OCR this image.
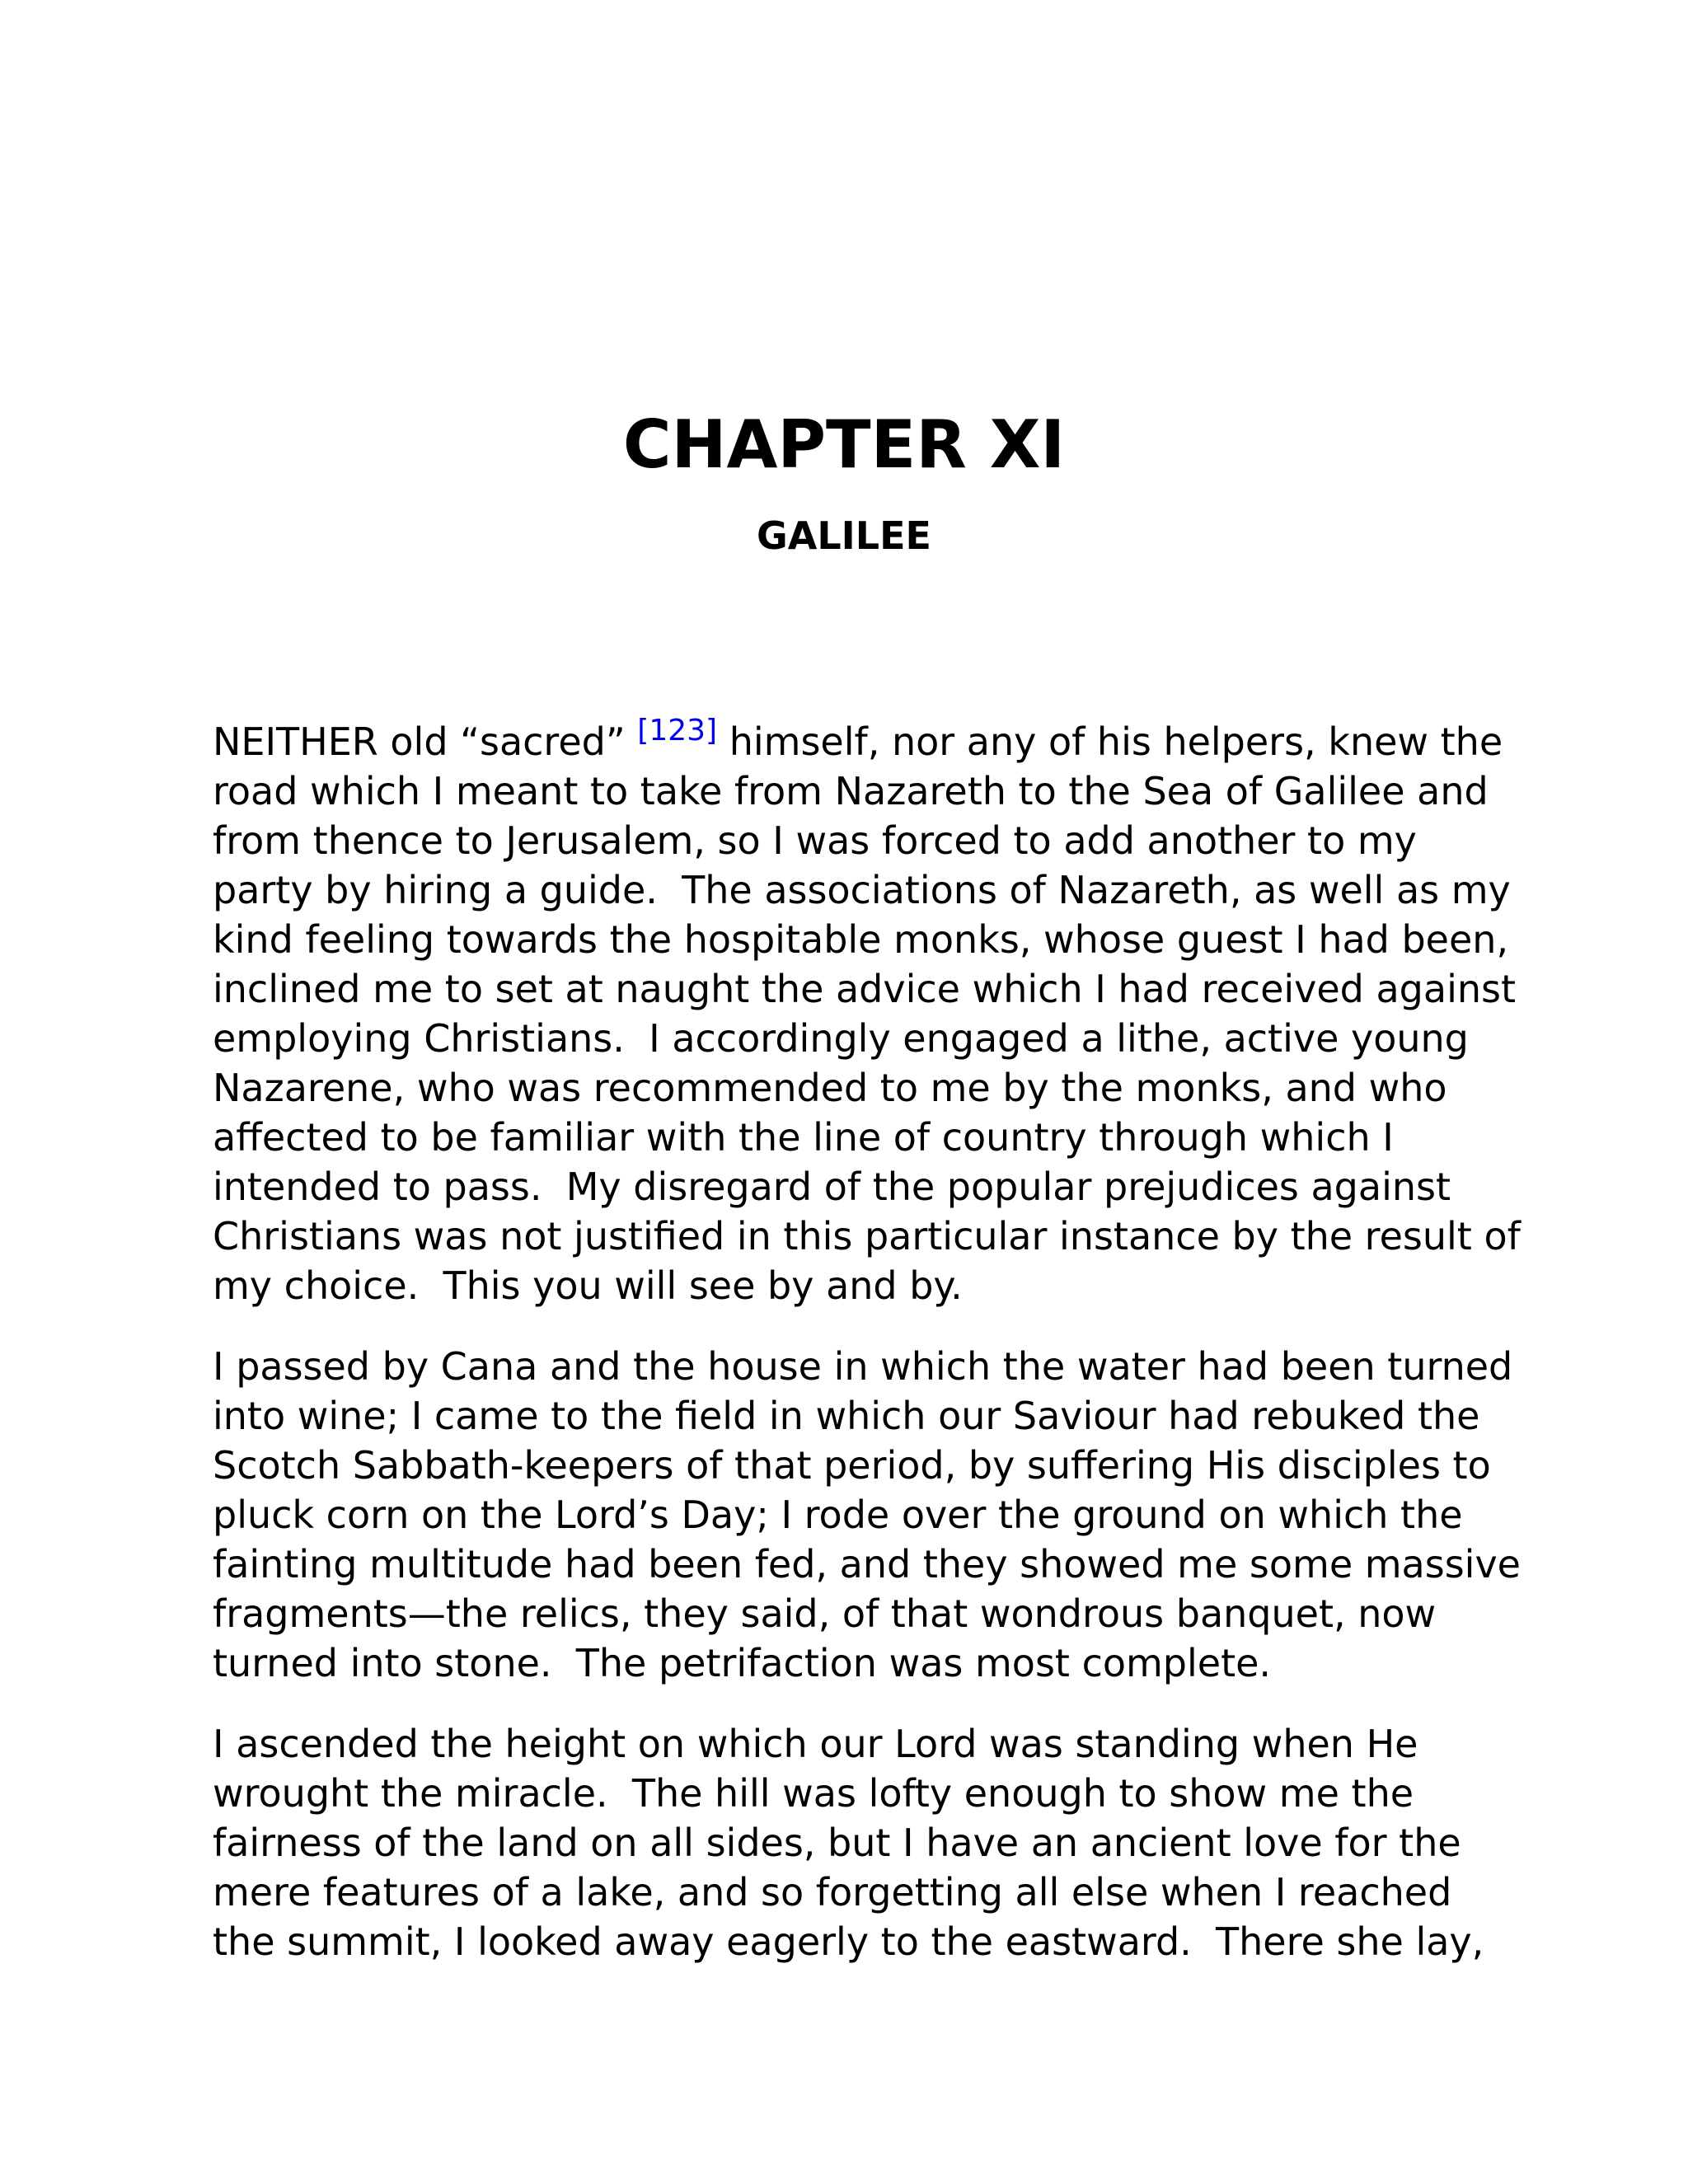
CHAPTER XI
GALILEE
NEITHER old “sacred” [123] himself, nor any of his helpers, knew the
road which I meant to take from Nazareth to the Sea of Galilee and
from thence to Jerusalem, so I was forced to add another to my
party by hiring a guide.  The associations of Nazareth, as well as my
kind feeling towards the hospitable monks, whose guest I had been,
inclined me to set at naught the advice which I had received against
employing Christians.  I accordingly engaged a lithe, active young
Nazarene, who was recommended to me by the monks, and who
affected to be familiar with the line of country through which I
intended to pass.  My disregard of the popular prejudices against
Christians was not justified in this particular instance by the result of
my choice.  This you will see by and by.
I passed by Cana and the house in which the water had been turned
into wine; I came to the field in which our Saviour had rebuked the
Scotch Sabbath-keepers of that period, by suffering His disciples to
pluck corn on the Lord’s Day; I rode over the ground on which the
fainting multitude had been fed, and they showed me some massive
fragments—the relics, they said, of that wondrous banquet, now
turned into stone.  The petrifaction was most complete.
I ascended the height on which our Lord was standing when He
wrought the miracle.  The hill was lofty enough to show me the
fairness of the land on all sides, but I have an ancient love for the
mere features of a lake, and so forgetting all else when I reached
the summit, I looked away eagerly to the eastward.  There she lay,
